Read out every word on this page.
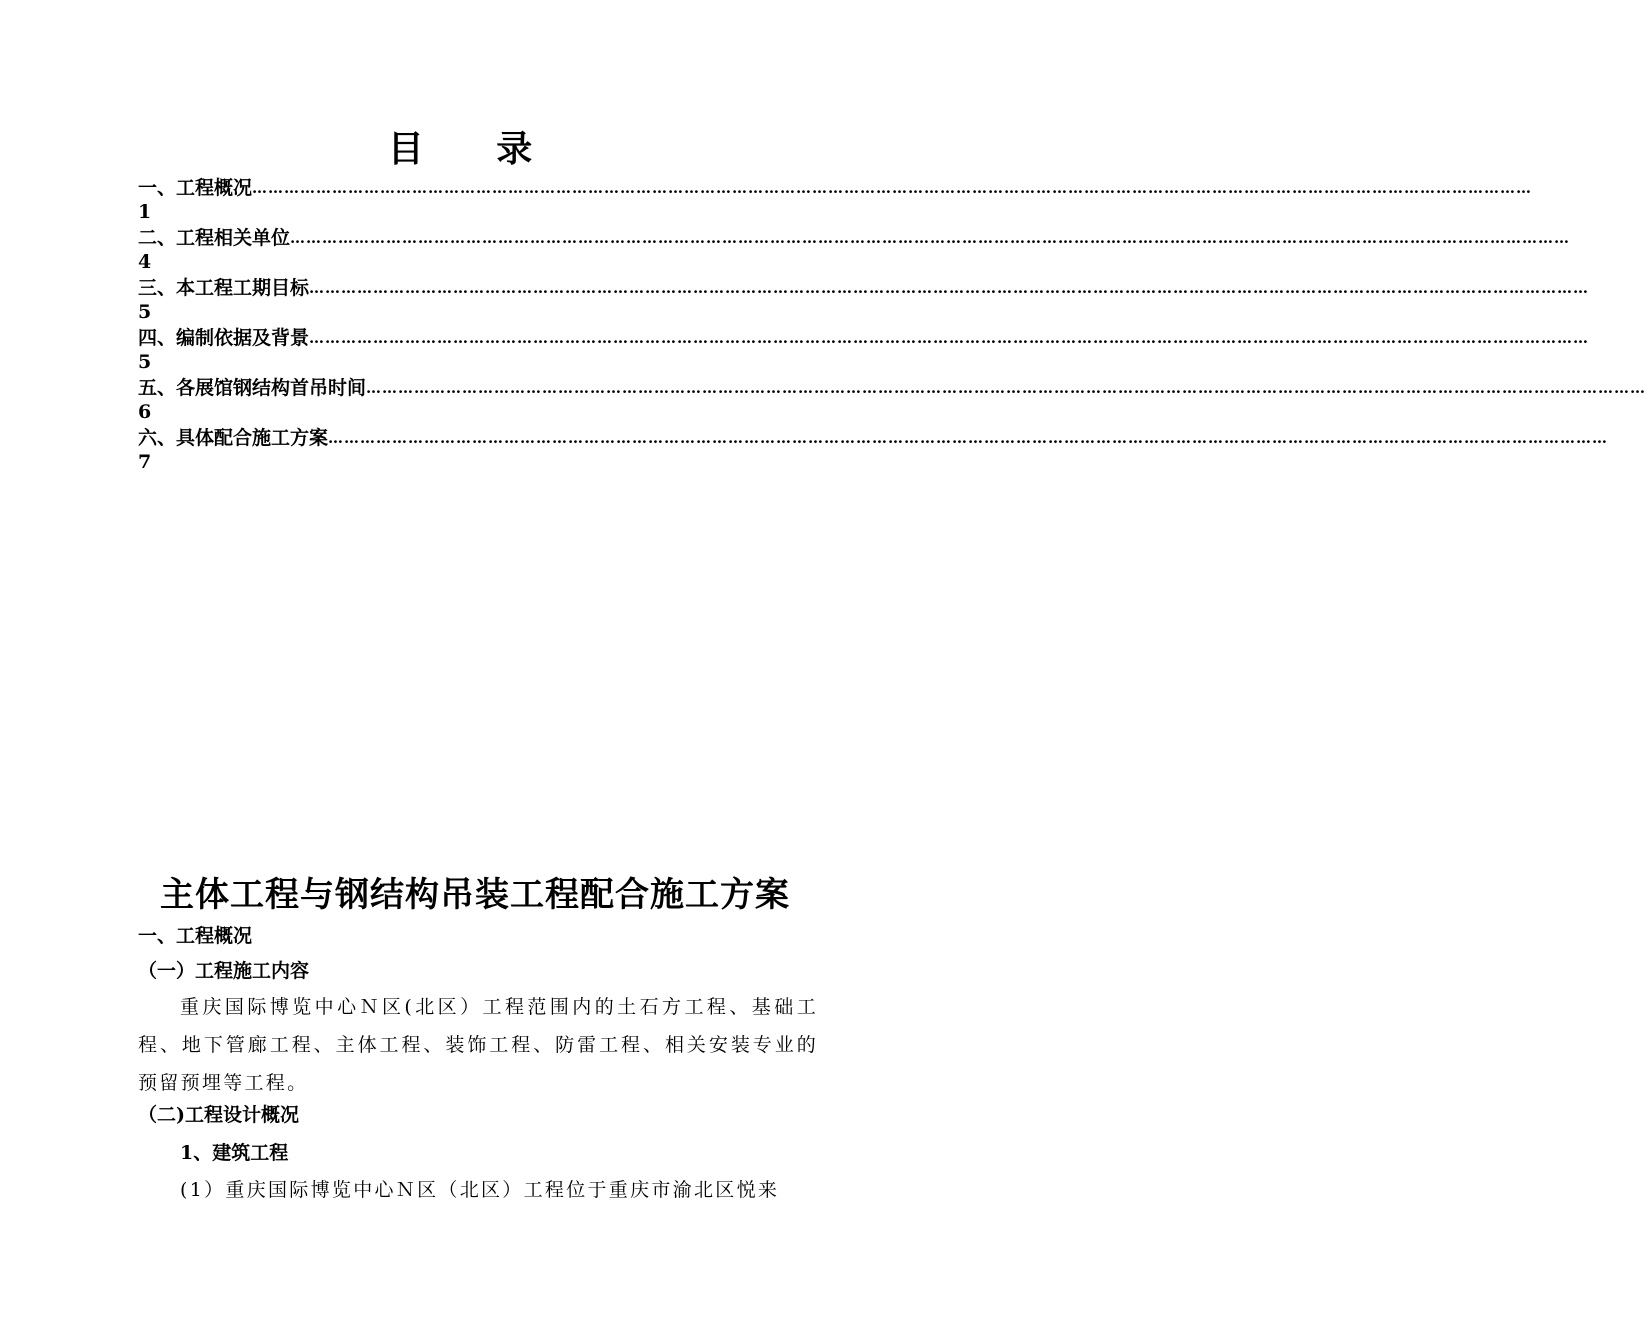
目 录
一、工程概况 ……………………………………………………………………………………………………………………………………………………………………………………………………………………
1
二、工程相关单位 ……………………………………………………………………………………………………………………………………………………………………………………………………………………
4
三、本工程工期目标 ……………………………………………………………………………………………………………………………………………………………………………………………………………………
5
四、编制依据及背景 ……………………………………………………………………………………………………………………………………………………………………………………………………………………
5
五、各展馆钢结构首吊时间 ……………………………………………………………………………………………………………………………………………………………………………………………………………………
6
六、具体配合施工方案 ……………………………………………………………………………………………………………………………………………………………………………………………………………………
7
主体工程与钢结构吊装工程配合施工方案
一、工程概况
（一）工程施工内容
重庆国际博览中心Ｎ区(北区）工程范围内的土石方工程、基础工程、地下管廊工程、主体工程、装饰工程、防雷工程、相关安装专业的预留预埋等工程。
（二)工程设计概况
1、建筑工程
(1）重庆国际博览中心Ｎ区（北区）工程位于重庆市渝北区悦来
